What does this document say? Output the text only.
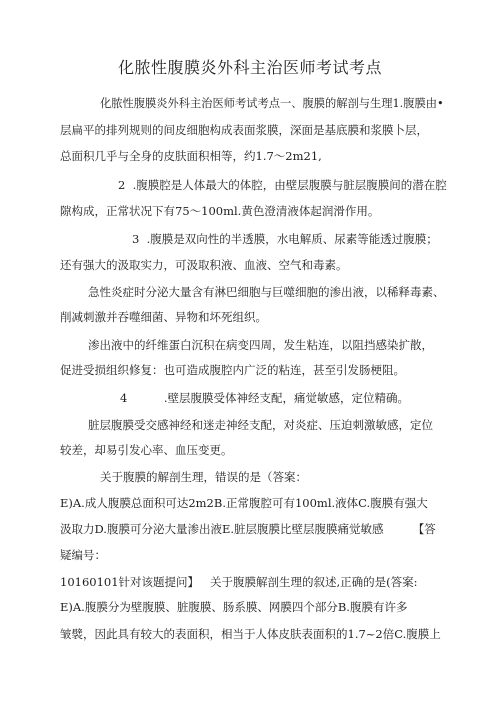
化脓性腹膜炎外科主治医师考试考点
化脓性腹膜炎外科主治医师考试考点一、腹膜的解剖与生理1.腹膜由•
层扁平的排列规则的间皮细胞构成表面浆膜，深面是基底膜和浆膜卜层，
总面积几乎与全身的皮肤面积相等，约1.7～2m21,
2  .腹膜腔是人体最大的体腔，由壁层腹膜与脏层腹膜间的潜在腔
隙构成，正常状况下有75～100ml.黄色澄清液体起润滑作用。
3  .腹膜是双向性的半透膜，水电解质、尿素等能透过腹膜；
还有强大的汲取实力，可汲取积液、血液、空气和毒素。
急性炎症时分泌大量含有淋巴细胞与巨噬细胞的渗出液，以稀释毒素、
削减刺激并吞噬细菌、异物和坏死组织。
渗出液中的纤维蛋白沉积在病变四周，发生粘连，以阻挡感染扩散，
促进受损组织修复：也可造成腹腔内广泛的粘连，甚至引发肠梗阻。
4          .壁层腹膜受体神经支配，痛觉敏感，定位精确。
脏层腹膜受交感神经和迷走神经支配，对炎症、压迫刺激敏感，定位
较差，却易引发心率、血压变更。
关于腹膜的解剖生理，错误的是（答案：
E)A.成人腹膜总面积可达2m2B.正常腹腔可有100ml.液体C.腹膜有强大
汲取力D.腹膜可分泌大量渗出液E.脏层腹膜比壁层腹膜痛觉敏感        【答
疑编号：
10160101针对该题提问】   关于腹膜解剖生理的叙述,正确的是(答案:
E)A.腹膜分为壁腹膜、脏腹膜、肠系膜、网膜四个部分B.腹膜有许多
皱襞，因此具有较大的表面积，相当于人体皮肤表面积的1.7~2倍C.腹膜上
